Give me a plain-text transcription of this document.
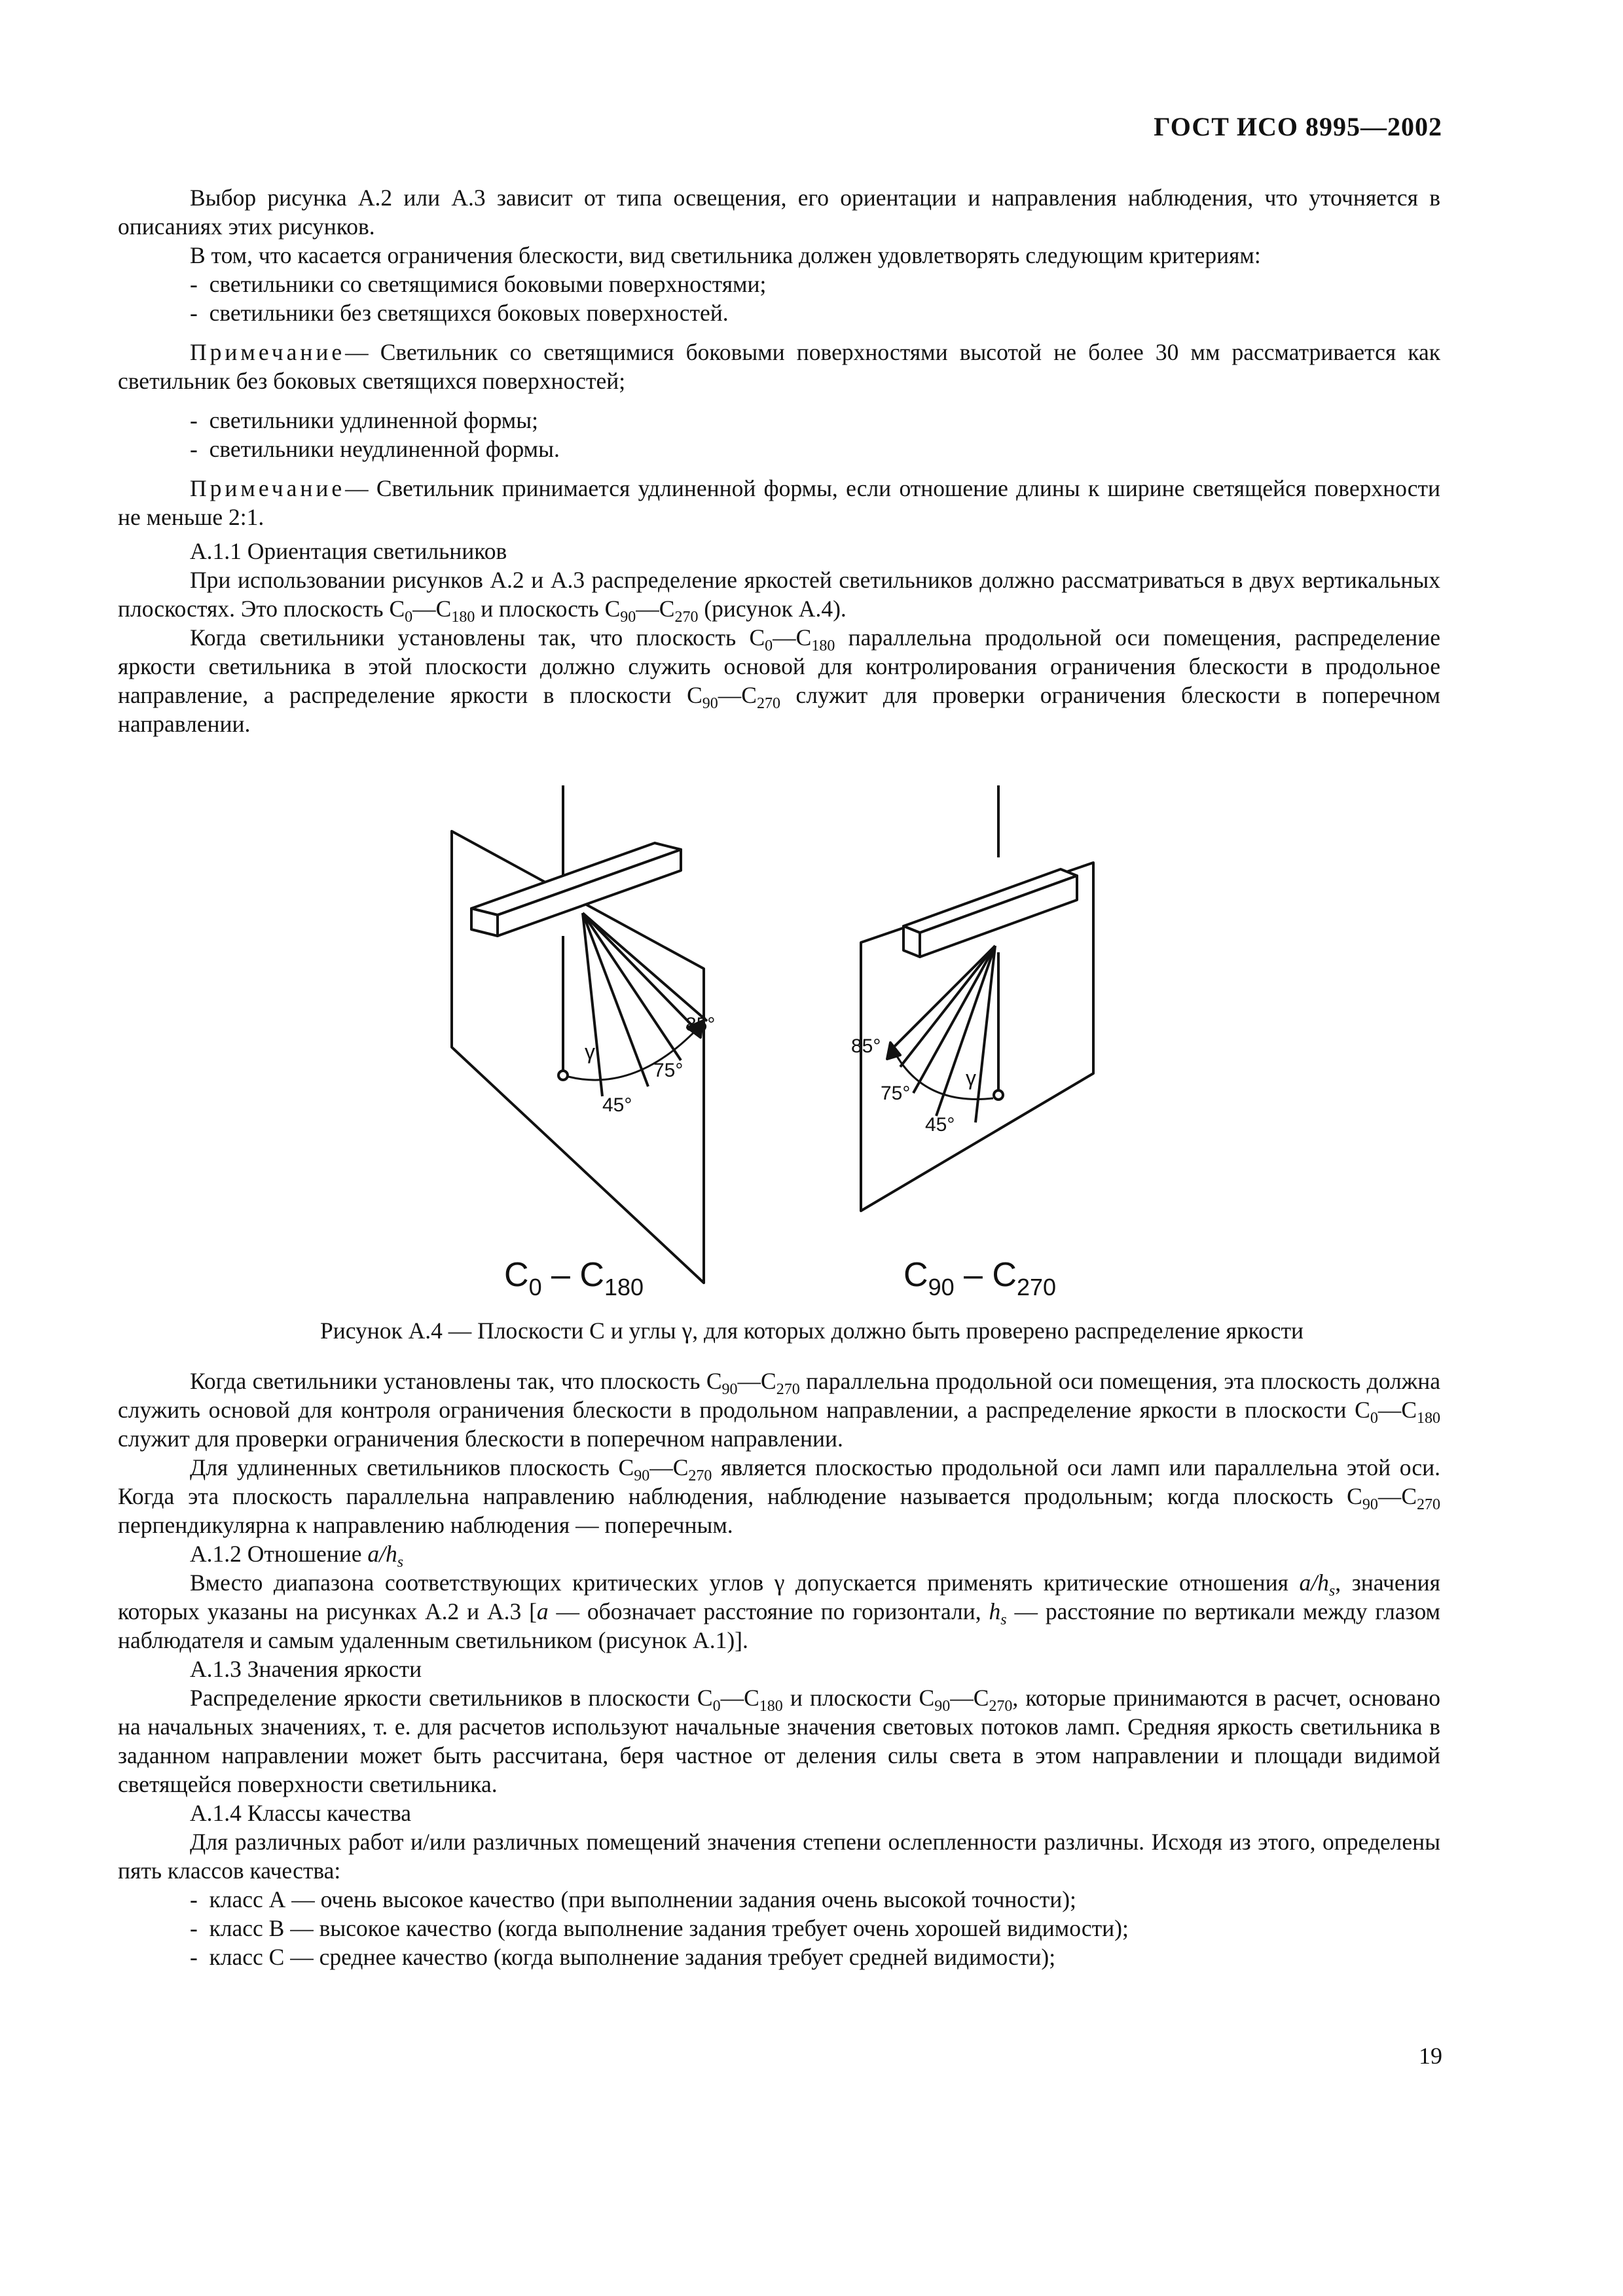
ГОСТ ИСО 8995—2002

Выбор рисунка А.2 или А.3 зависит от типа освещения, его ориентации и направления наблюдения, что уточняется в описаниях этих рисунков.

В том, что касается ограничения блескости, вид светильника должен удовлетворять следующим критериям:

-  светильники со светящимися боковыми поверхностями;

-  светильники без светящихся боковых поверхностей.

Примечание— Светильник со светящимися боковыми поверхностями высотой не более 30 мм рассматривается как светильник без боковых светящихся поверхностей;

-  светильники удлиненной формы;

-  светильники неудлиненной формы.

Примечание— Светильник принимается удлиненной формы, если отношение длины к ширине светящейся поверхности не меньше 2:1.

А.1.1 Ориентация светильников

При использовании рисунков А.2 и А.3 распределение яркостей светильников должно рассматриваться в двух вертикальных плоскостях. Это плоскость $С_0—С_{180}$ и плоскость $С_{90}—С_{270}$ (рисунок А.4).

Когда светильники установлены так, что плоскость $С_0—С_{180}$ параллельна продольной оси помещения, распределение яркости светильника в этой плоскости должно служить основой для контролирования ограничения блескости в продольное направление, а распределение яркости в плоскости $С_{90}—С_{270}$ служит для проверки ограничения блескости в поперечном направлении.

85°
75°
45°
γ	85°
75°
45°
γ
$C_0 - C_{180}$	$C_{90} - C_{270}$
Рисунок А.4 — Плоскости С и углы γ, для которых должно быть проверено распределение яркости

Когда светильники установлены так, что плоскость $С_{90}—С_{270}$ параллельна продольной оси помещения, эта плоскость должна служить основой для контроля ограничения блескости в продольном направлении, а распределение яркости в плоскости $С_0—С_{180}$ служит для проверки ограничения блескости в поперечном направлении.

Для удлиненных светильников плоскость $С_{90}—С_{270}$ является плоскостью продольной оси ламп или параллельна этой оси. Когда эта плоскость параллельна направлению наблюдения, наблюдение называется продольным; когда плоскость $С_{90}—С_{270}$ перпендикулярна к направлению наблюдения — поперечным.

А.1.2 Отношение $a/h_s$

Вместо диапазона соответствующих критических углов γ допускается применять критические отношения $a/h_s$, значения которых указаны на рисунках А.2 и А.3 [a — обозначает расстояние по горизонтали, $h_s$ — расстояние по вертикали между глазом наблюдателя и самым удаленным светильником (рисунок А.1)].

А.1.3 Значения яркости

Распределение яркости светильников в плоскости $С_0—С_{180}$ и плоскости $С_{90}—С_{270}$, которые принимаются в расчет, основано на начальных значениях, т. е. для расчетов используют начальные значения световых потоков ламп. Средняя яркость светильника в заданном направлении может быть рассчитана, беря частное от деления силы света в этом направлении и площади видимой светящейся поверхности светильника.

А.1.4 Классы качества

Для различных работ и/или различных помещений значения степени ослепленности различны. Исходя из этого, определены пять классов качества:

-  класс А — очень высокое качество (при выполнении задания очень высокой точности);

-  класс В — высокое качество (когда выполнение задания требует очень хорошей видимости);

-  класс С — среднее качество (когда выполнение задания требует средней видимости);

19
